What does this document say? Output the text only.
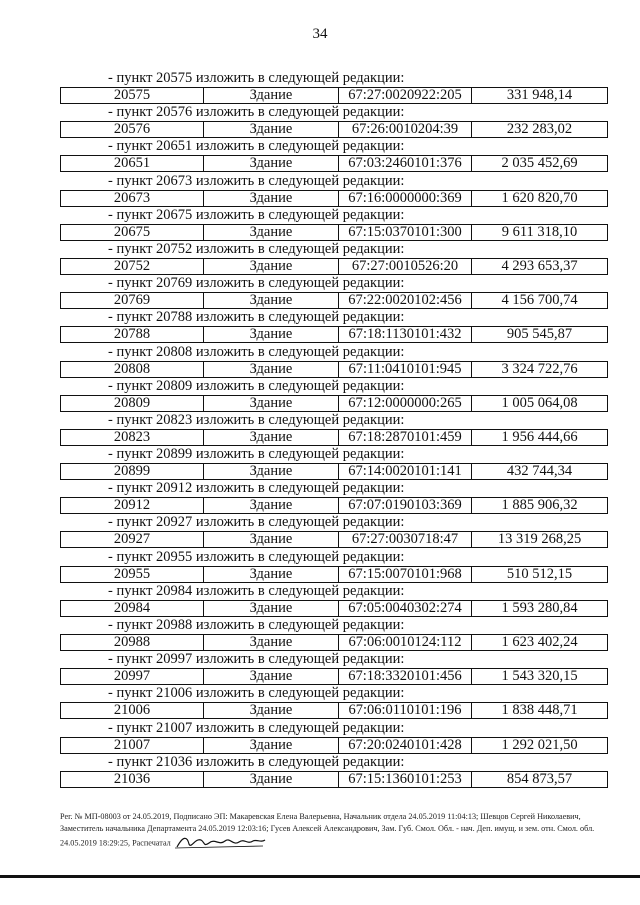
34
- пункт 20575 изложить в следующей редакции:
20575	Здание	67:27:0020922:205	331 948,14
- пункт 20576 изложить в следующей редакции:
20576	Здание	67:26:0010204:39	232 283,02
- пункт 20651 изложить в следующей редакции:
20651	Здание	67:03:2460101:376	2 035 452,69
- пункт 20673 изложить в следующей редакции:
20673	Здание	67:16:0000000:369	1 620 820,70
- пункт 20675 изложить в следующей редакции:
20675	Здание	67:15:0370101:300	9 611 318,10
- пункт 20752 изложить в следующей редакции:
20752	Здание	67:27:0010526:20	4 293 653,37
- пункт 20769 изложить в следующей редакции:
20769	Здание	67:22:0020102:456	4 156 700,74
- пункт 20788 изложить в следующей редакции:
20788	Здание	67:18:1130101:432	905 545,87
- пункт 20808 изложить в следующей редакции:
20808	Здание	67:11:0410101:945	3 324 722,76
- пункт 20809 изложить в следующей редакции:
20809	Здание	67:12:0000000:265	1 005 064,08
- пункт 20823 изложить в следующей редакции:
20823	Здание	67:18:2870101:459	1 956 444,66
- пункт 20899 изложить в следующей редакции:
20899	Здание	67:14:0020101:141	432 744,34
- пункт 20912 изложить в следующей редакции:
20912	Здание	67:07:0190103:369	1 885 906,32
- пункт 20927 изложить в следующей редакции:
20927	Здание	67:27:0030718:47	13 319 268,25
- пункт 20955 изложить в следующей редакции:
20955	Здание	67:15:0070101:968	510 512,15
- пункт 20984 изложить в следующей редакции:
20984	Здание	67:05:0040302:274	1 593 280,84
- пункт 20988 изложить в следующей редакции:
20988	Здание	67:06:0010124:112	1 623 402,24
- пункт 20997 изложить в следующей редакции:
20997	Здание	67:18:3320101:456	1 543 320,15
- пункт 21006 изложить в следующей редакции:
21006	Здание	67:06:0110101:196	1 838 448,71
- пункт 21007 изложить в следующей редакции:
21007	Здание	67:20:0240101:428	1 292 021,50
- пункт 21036 изложить в следующей редакции:
21036	Здание	67:15:1360101:253	854 873,57
Рег. № МП-08003 от 24.05.2019, Подписано ЭП: Макаревская Елена Валерьевна, Начальник отдела 24.05.2019 11:04:13; Шевцов Сергей Николаевич, Заместитель начальника Департамента 24.05.2019 12:03:16; Гусев Алексей Александрович, Зам. Губ. Смол. Обл. - нач. Деп. имущ. и зем. отн. Смол. обл. 24.05.2019 18:29:25, Распечатал
